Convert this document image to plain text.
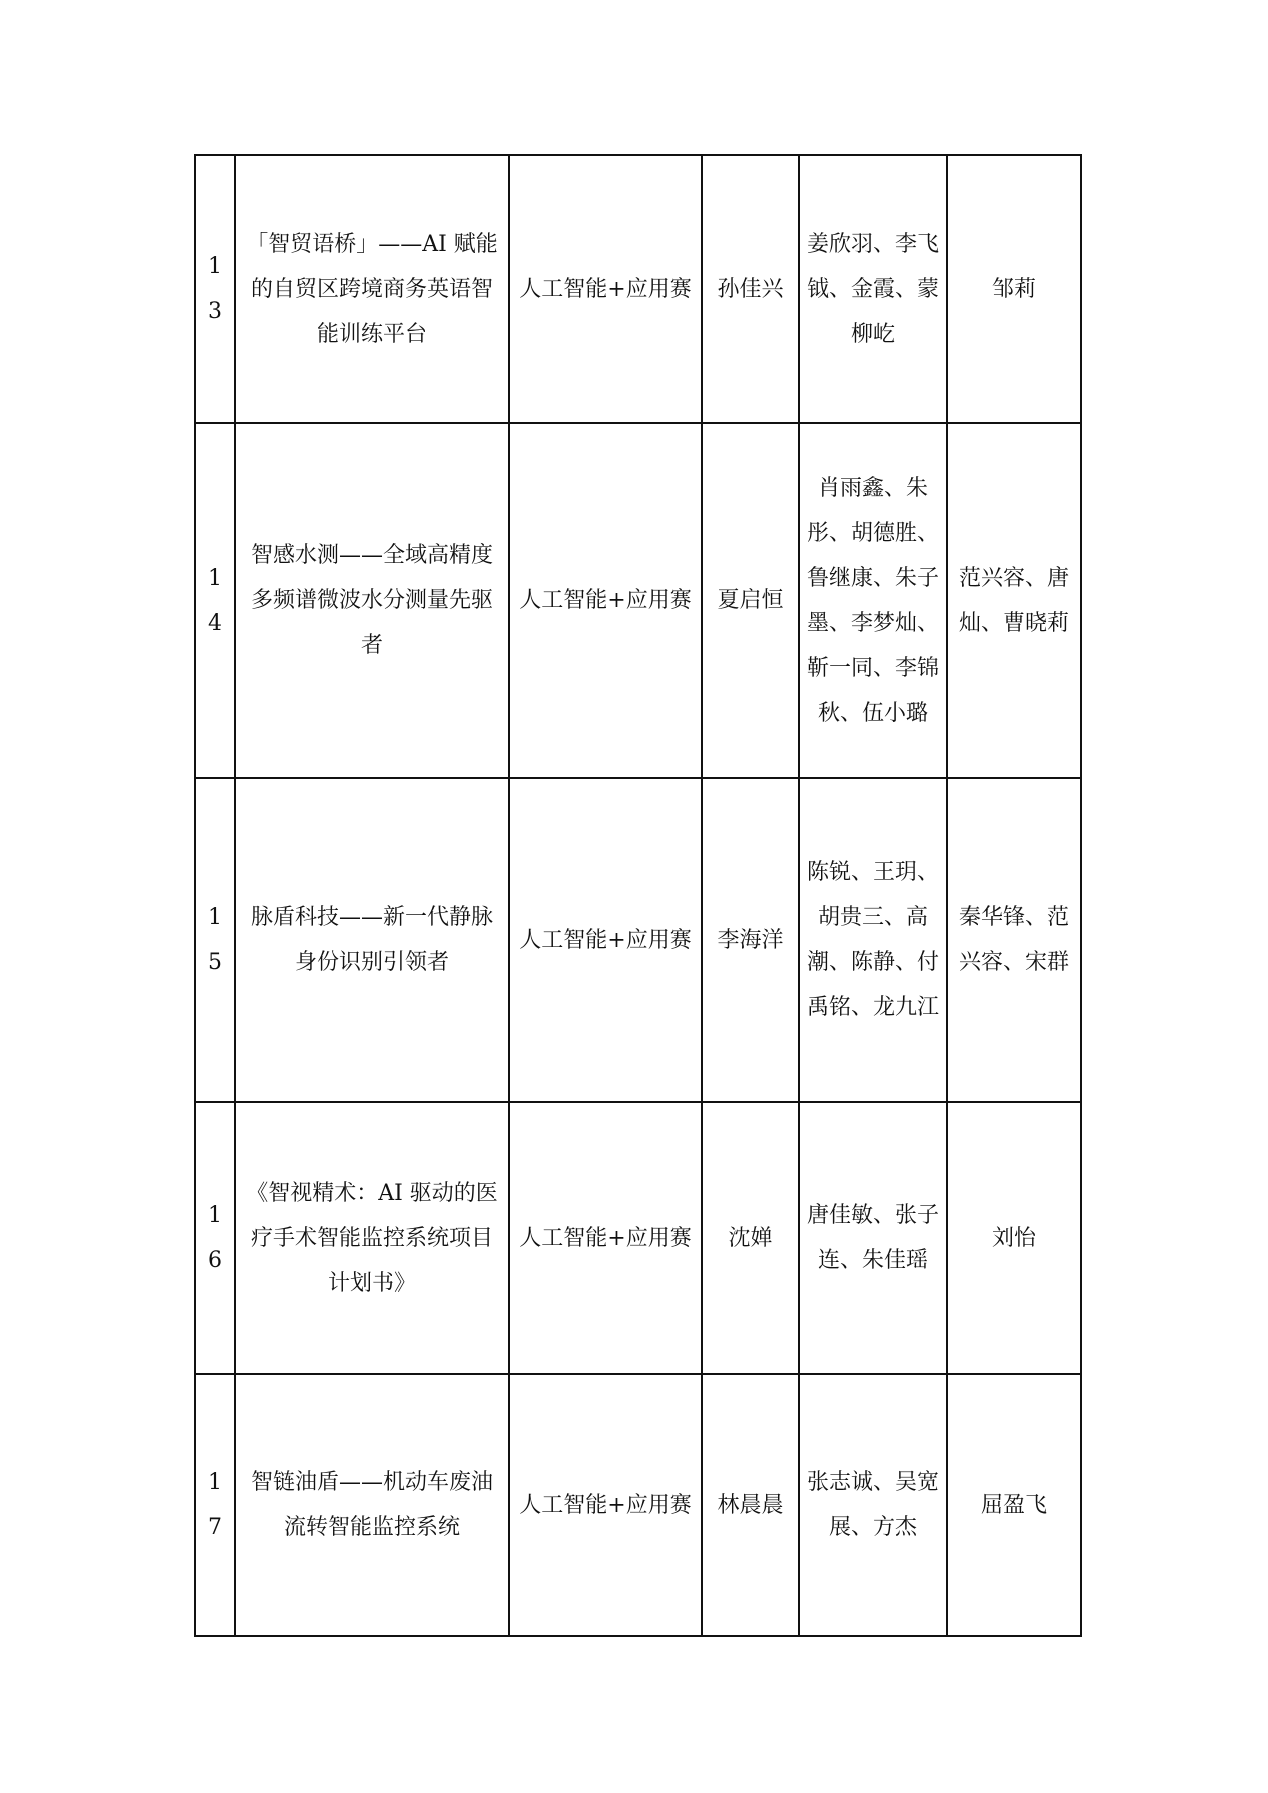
13	「智贸语桥」——AI 赋能的自贸区跨境商务英语智能训练平台	人工智能+应用赛	孙佳兴	姜欣羽、李飞钺、金霞、蒙柳屹	邹莉
14	智感水测——全域高精度多频谱微波水分测量先驱者	人工智能+应用赛	夏启恒	肖雨鑫、朱彤、胡德胜、鲁继康、朱子墨、李梦灿、靳一同、李锦秋、伍小璐	范兴容、唐灿、曹晓莉
15	脉盾科技——新一代静脉身份识别引领者	人工智能+应用赛	李海洋	陈锐、王玥、胡贵三、高潮、陈静、付禹铭、龙九江	秦华锋、范兴容、宋群
16	《智视精术：AI 驱动的医疗手术智能监控系统项目计划书》	人工智能+应用赛	沈婵	唐佳敏、张子连、朱佳瑶	刘怡
17	智链油盾——机动车废油流转智能监控系统	人工智能+应用赛	林晨晨	张志诚、吴宽展、方杰	屈盈飞
